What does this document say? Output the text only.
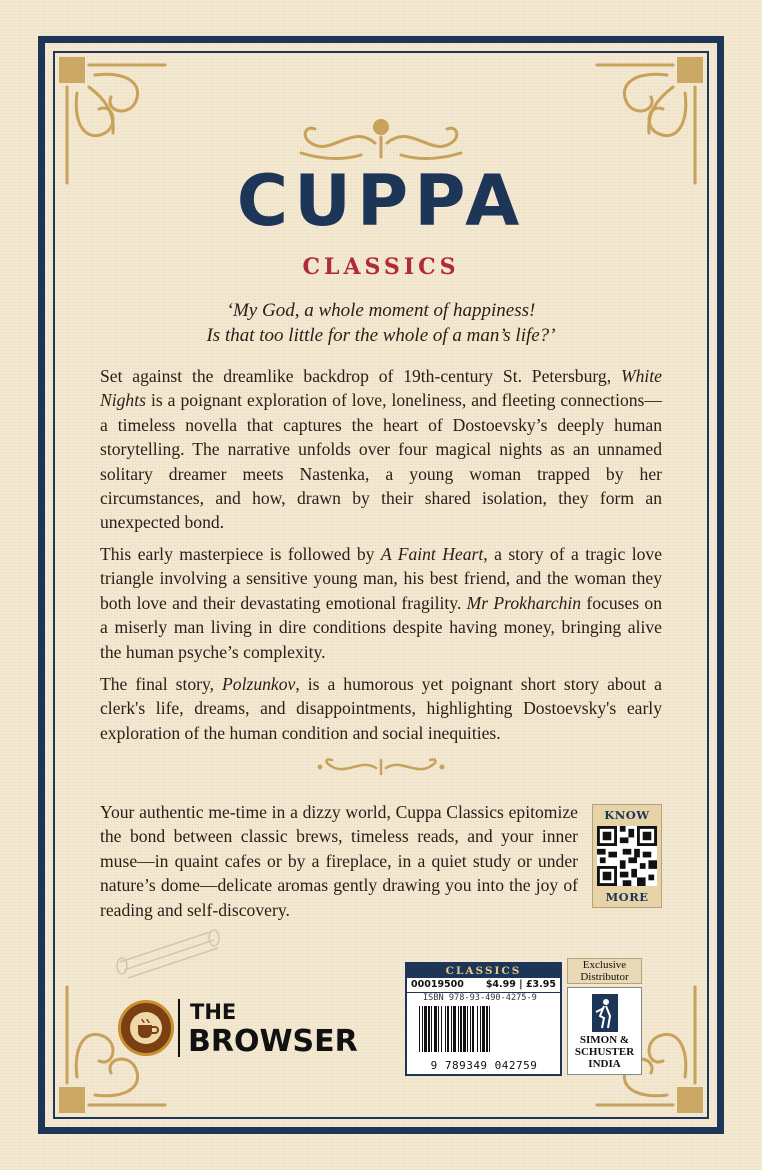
CUPPA
CLASSICS
‘My God, a whole moment of happiness!
Is that too little for the whole of a man’s life?’
Set against the dreamlike backdrop of 19th-century St. Petersburg, White Nights is a poignant exploration of love, loneliness, and fleeting connections—a timeless novella that captures the heart of Dostoevsky’s deeply human storytelling. The narrative unfolds over four magical nights as an unnamed solitary dreamer meets Nastenka, a young woman trapped by her circumstances, and how, drawn by their shared isolation, they form an unexpected bond.
This early masterpiece is followed by A Faint Heart, a story of a tragic love triangle involving a sensitive young man, his best friend, and the woman they both love and their devastating emotional fragility. Mr Prokharchin focuses on a miserly man living in dire conditions despite having money, bringing alive the human psyche’s complexity.
The final story, Polzunkov, is a humorous yet poignant short story about a clerk's life, dreams, and disappointments, highlighting Dostoevsky's early exploration of the human condition and social inequities.
Your authentic me-time in a dizzy world, Cuppa Classics epitomize the bond between classic brews, timeless reads, and your inner muse—in quaint cafes or by a fireplace, in a quiet study or under nature’s dome—delicate aromas gently drawing you into the joy of reading and self-discovery.
KNOW
MORE
THE
BROWSER
CLASSICS
00019500 $4.99 | £3.95
ISBN 978-93-490-4275-9
9 789349 042759
Exclusive
Distributor
SIMON &
SCHUSTER
INDIA
